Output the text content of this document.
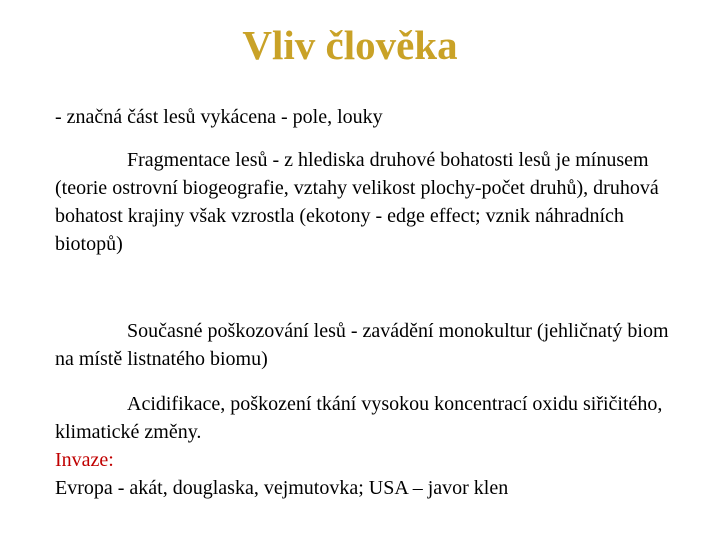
Vliv člověka

- značná část lesů vykácena - pole, louky

Fragmentace lesů - z hlediska druhové bohatosti lesů je mínusem (teorie ostrovní biogeografie, vztahy velikost plochy-počet druhů), druhová bohatost krajiny však vzrostla (ekotony - edge effect; vznik náhradních biotopů)

Současné poškozování lesů - zavádění monokultur (jehličnatý biom na místě listnatého biomu)

Acidifikace, poškození tkání vysokou koncentrací oxidu siřičitého, klimatické změny.

Invaze:

Evropa - akát, douglaska, vejmutovka; USA – javor klen
